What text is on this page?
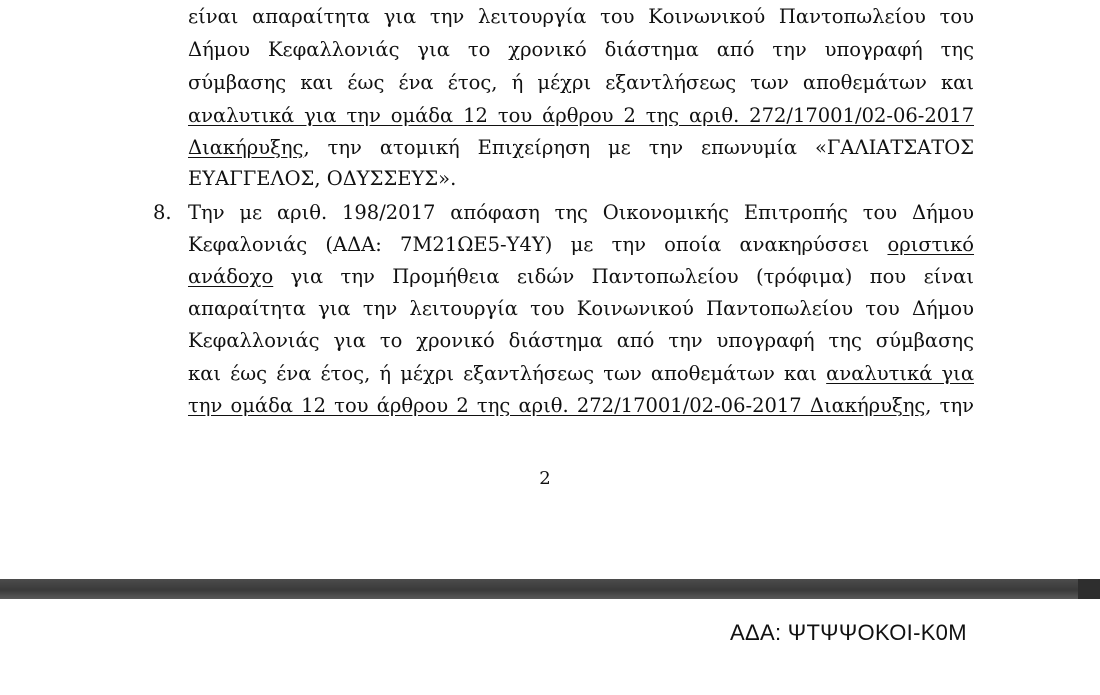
είναι απαραίτητα για την λειτουργία του Κοινωνικού Παντοπωλείου του
Δήμου Κεφαλλονιάς για το χρονικό διάστημα από την υπογραφή της
σύμβασης και έως ένα έτος, ή μέχρι εξαντλήσεως των αποθεμάτων και
αναλυτικά για την ομάδα 12 του άρθρου 2 της αριθ. 272/17001/02-06-2017
Διακήρυξης, την ατομική Επιχείρηση με την επωνυμία «ΓΑΛΙΑΤΣΑΤΟΣ
ΕΥΑΓΓΕΛΟΣ, ΟΔΥΣΣΕΥΣ».
8. Την με αριθ. 198/2017 απόφαση της Οικονομικής Επιτροπής του Δήμου
Κεφαλονιάς (ΑΔΑ: 7Μ21ΩΕ5-Υ4Υ) με την οποία ανακηρύσσει οριστικό
ανάδοχο για την Προμήθεια ειδών Παντοπωλείου (τρόφιμα) που είναι
απαραίτητα για την λειτουργία του Κοινωνικού Παντοπωλείου του Δήμου
Κεφαλλονιάς για το χρονικό διάστημα από την υπογραφή της σύμβασης
και έως ένα έτος, ή μέχρι εξαντλήσεως των αποθεμάτων και αναλυτικά για
την ομάδα 12 του άρθρου 2 της αριθ. 272/17001/02-06-2017 Διακήρυξης, την
2
ΑΔΑ: ΨΤΨΨΟΚΟΙ-Κ0Μ
